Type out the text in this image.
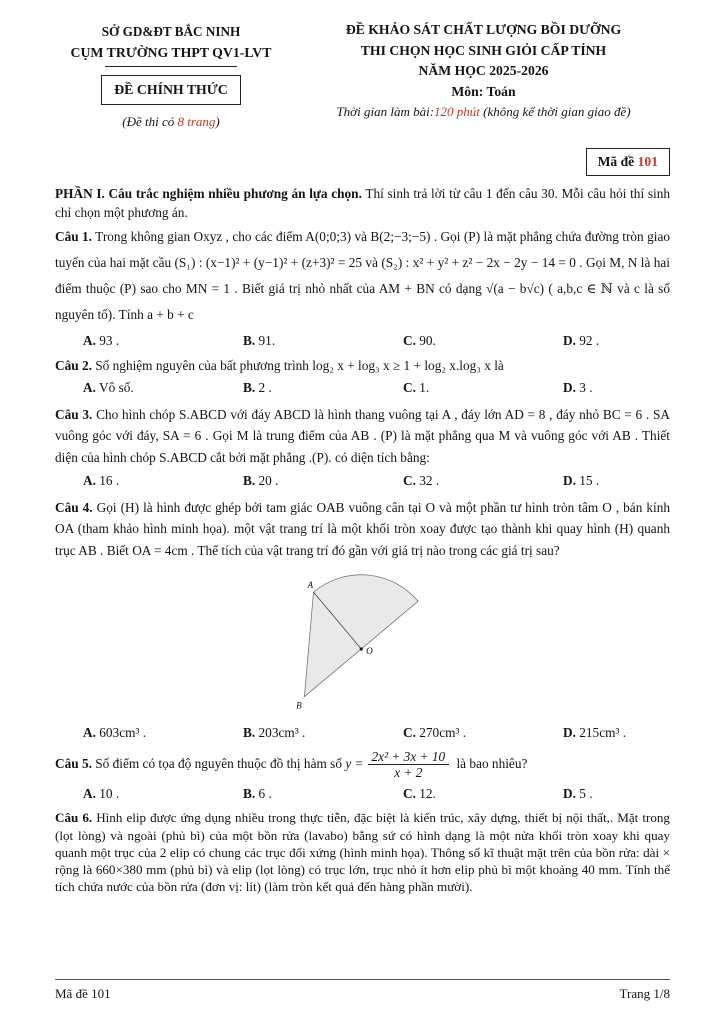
SỞ GD&ĐT BẮC NINH
CỤM TRƯỜNG THPT QV1-LVT
ĐỀ CHÍNH THỨC
(Đề thi có 8 trang)
ĐỀ KHẢO SÁT CHẤT LƯỢNG BỒI DƯỠNG
THI CHỌN HỌC SINH GIỎI CẤP TỈNH
NĂM HỌC 2025-2026
Môn: Toán
Thời gian làm bài:120 phút (không kể thời gian giao đề)
Mã đề 101

PHẦN I. Câu trắc nghiệm nhiều phương án lựa chọn. Thí sinh trả lời từ câu 1 đến câu 30. Mỗi câu hỏi thí sinh chỉ chọn một phương án.

Câu 1. Trong không gian Oxyz , cho các điểm A(0;0;3) và B(2;−3;−5) . Gọi (P) là mặt phẳng chứa đường tròn giao tuyến của hai mặt cầu (S₁) : (x−1)² + (y−1)² + (z+3)² = 25 và (S₂) : x² + y² + z² − 2x − 2y − 14 = 0 . Gọi M, N là hai điểm thuộc (P) sao cho MN = 1 . Biết giá trị nhỏ nhất của AM + BN có dạng √(a − b√c) ( a,b,c ∈ ℕ và c là số nguyên tố). Tính a + b + c

A. 93 .	B. 91.	C. 90.	D. 92 .

Câu 2. Số nghiệm nguyên của bất phương trình log₂ x + log₃ x ≥ 1 + log₂ x.log₃ x là

A. Vô số.	B. 2 .	C. 1.	D. 3 .

Câu 3. Cho hình chóp S.ABCD với đáy ABCD là hình thang vuông tại A , đáy lớn AD = 8 , đáy nhỏ BC = 6 . SA vuông góc với đáy, SA = 6 . Gọi M là trung điểm của AB . (P) là mặt phẳng qua M và vuông góc với AB . Thiết diện của hình chóp S.ABCD cắt bởi mặt phẳng .(P). có diện tích bằng:

A. 16 .	B. 20 .	C. 32 .	D. 15 .

Câu 4. Gọi (H) là hình được ghép bởi tam giác OAB vuông cân tại O và một phần tư hình tròn tâm O , bán kính OA (tham khảo hình minh họa). một vật trang trí là một khối tròn xoay được tạo thành khi quay hình (H) quanh trục AB . Biết OA = 4cm . Thể tích của vật trang trí đó gần với giá trị nào trong các giá trị sau?

A
O
B
A. 603cm³ .	B. 203cm³ .	C. 270cm³ .	D. 215cm³ .

Câu 5. Số điểm có tọa độ nguyên thuộc đồ thị hàm số $y = \frac{\text{2x² + 3x + 10}}{x + 2}$ là bao nhiêu?

A. 10 .	B. 6 .	C. 12.	D. 5 .

Câu 6. Hình elip được ứng dụng nhiều trong thực tiễn, đặc biệt là kiến trúc, xây dựng, thiết bị nội thất,. Mặt trong (lọt lòng) và ngoài (phủ bì) của một bồn rửa (lavabo) bằng sứ có hình dạng là một nửa khối tròn xoay khi quay quanh một trục của 2 elip có chung các trục đối xứng (hình minh họa). Thông số kĩ thuật mặt trên của bồn rửa: dài × rộng là 660×380 mm (phủ bì) và elip (lọt lòng) có trục lớn, trục nhỏ ít hơn elip phủ bì một khoảng 40 mm. Tính thể tích chứa nước của bồn rửa (đơn vị: lít) (làm tròn kết quả đến hàng phần mười).

Mã đề 101	Trang 1/8
